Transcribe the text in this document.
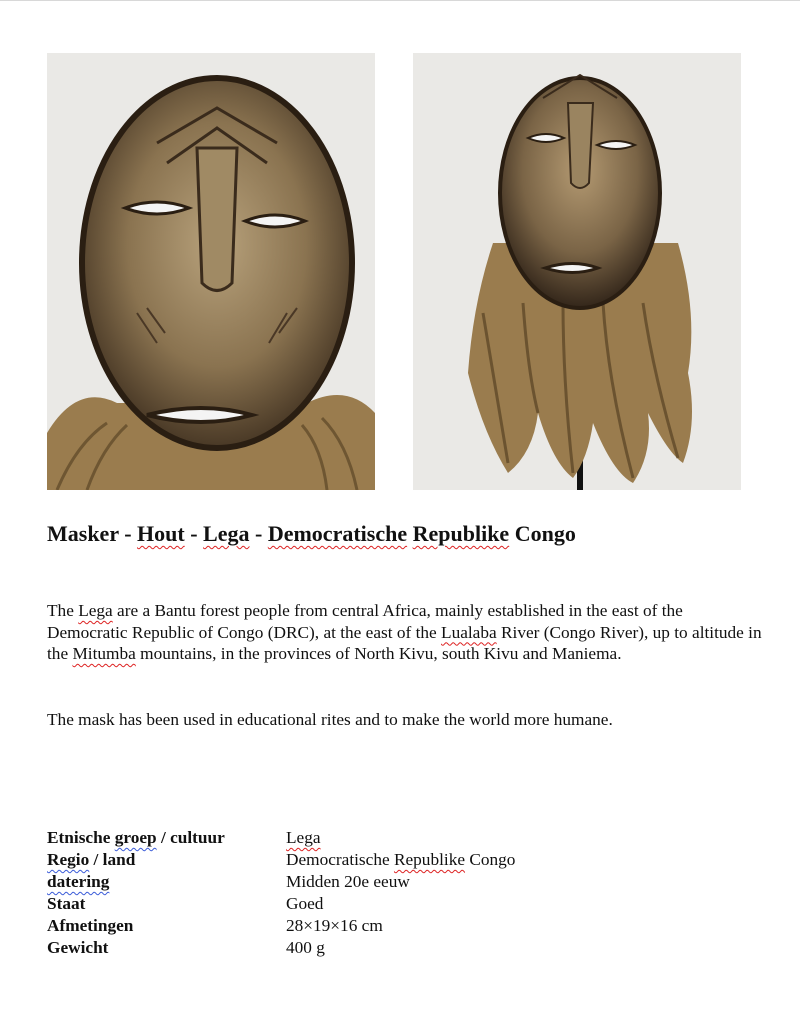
Masker - Hout - Lega - Democratische Republike Congo

The Lega are a Bantu forest people from central Africa, mainly established in the east of the Democratic Republic of Congo (DRC), at the east of the Lualaba River (Congo River), up to altitude in the Mitumba mountains, in the provinces of North Kivu, south Kivu and Maniema.

The mask has been used in educational rites and to make the world more humane.

Etnische groep / cultuur	Lega
Regio / land	Democratische Republike Congo
datering	Midden 20e eeuw
Staat	Goed
Afmetingen	28×19×16 cm
Gewicht	400 g
